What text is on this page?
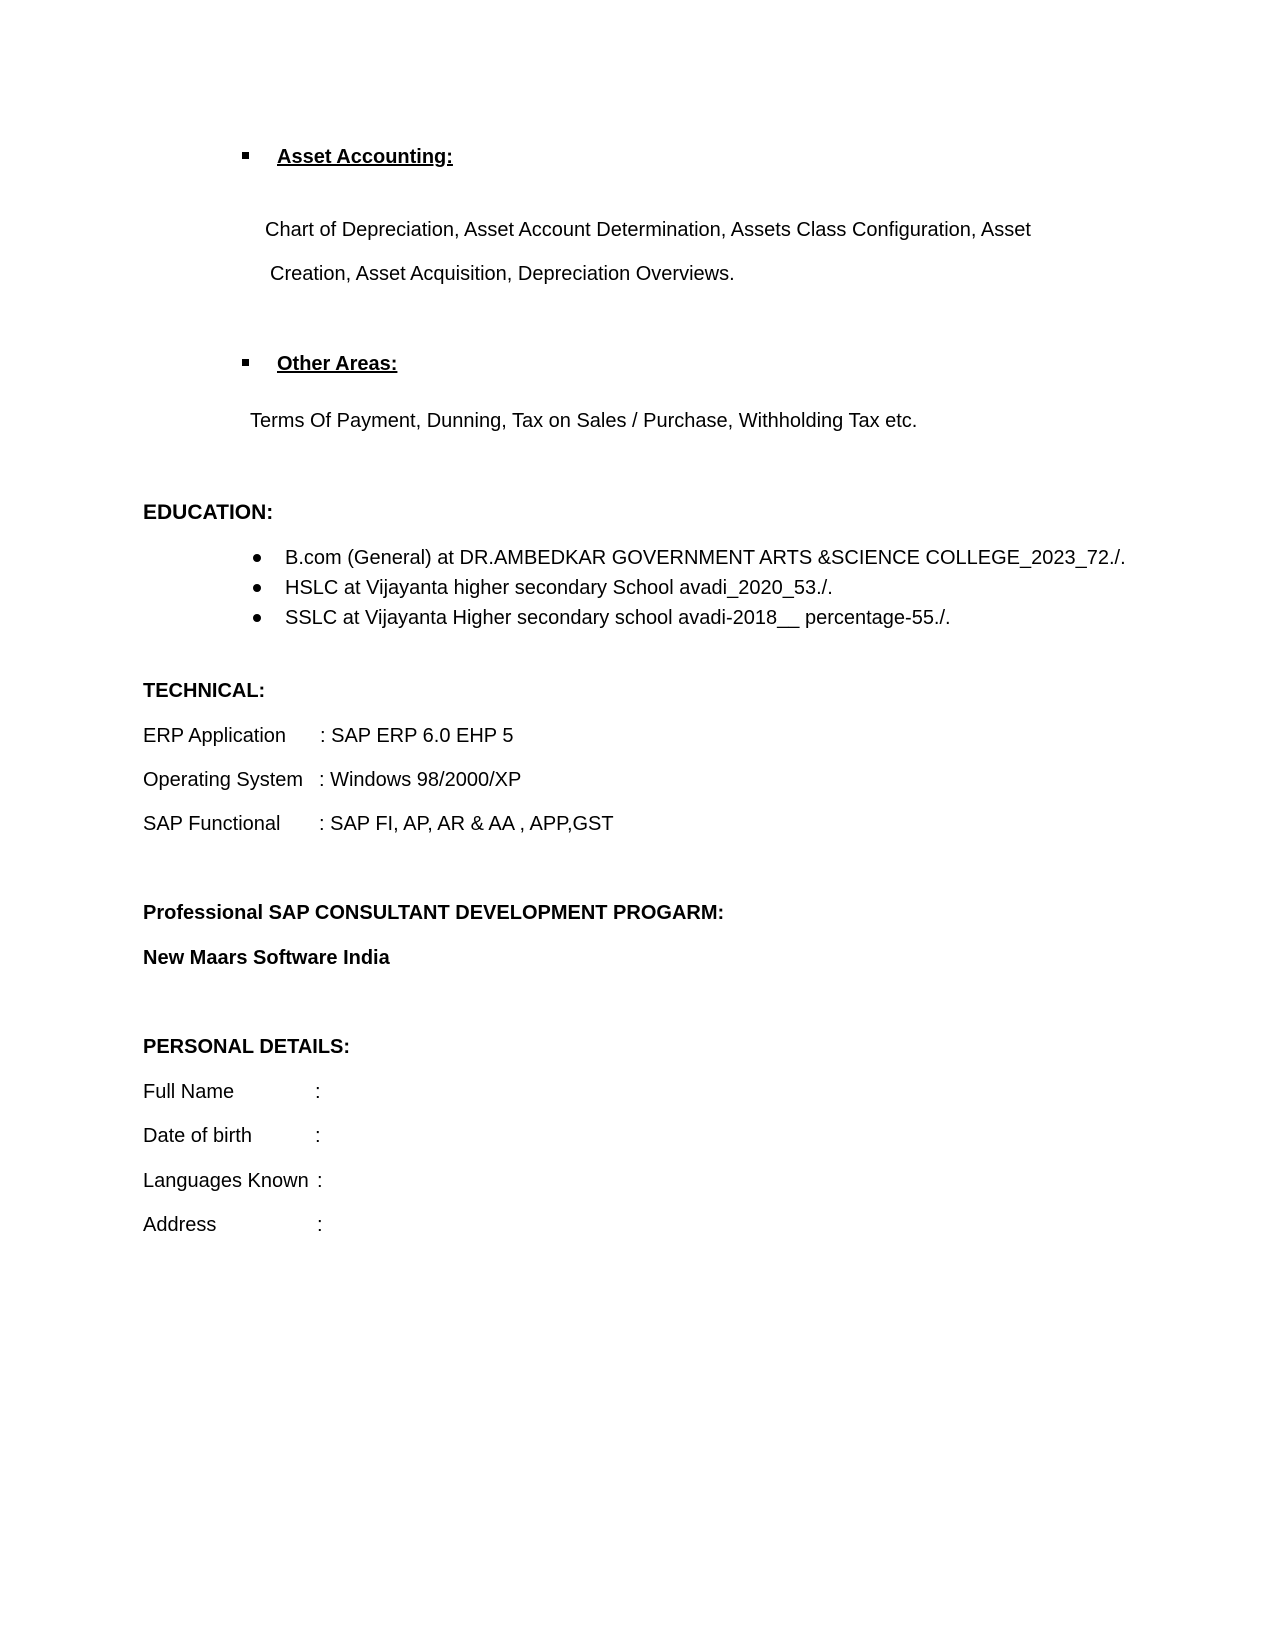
Asset Accounting:
Chart of Depreciation, Asset Account Determination, Assets Class Configuration, Asset
Creation, Asset Acquisition, Depreciation Overviews.
Other Areas:
Terms Of Payment, Dunning, Tax on Sales / Purchase, Withholding Tax etc.
EDUCATION:
B.com (General) at DR.AMBEDKAR GOVERNMENT ARTS &SCIENCE COLLEGE_2023_72./.
HSLC at Vijayanta higher secondary School avadi_2020_53./.
SSLC at Vijayanta Higher secondary school avadi-2018__ percentage-55./.
TECHNICAL:
ERP Application : SAP ERP 6.0 EHP 5
Operating System : Windows 98/2000/XP
SAP Functional : SAP FI, AP, AR & AA , APP,GST
Professional SAP CONSULTANT DEVELOPMENT PROGARM:
New Maars Software India
PERSONAL DETAILS:
Full Name	:
Date of birth	:
Languages Known :
Address	:
